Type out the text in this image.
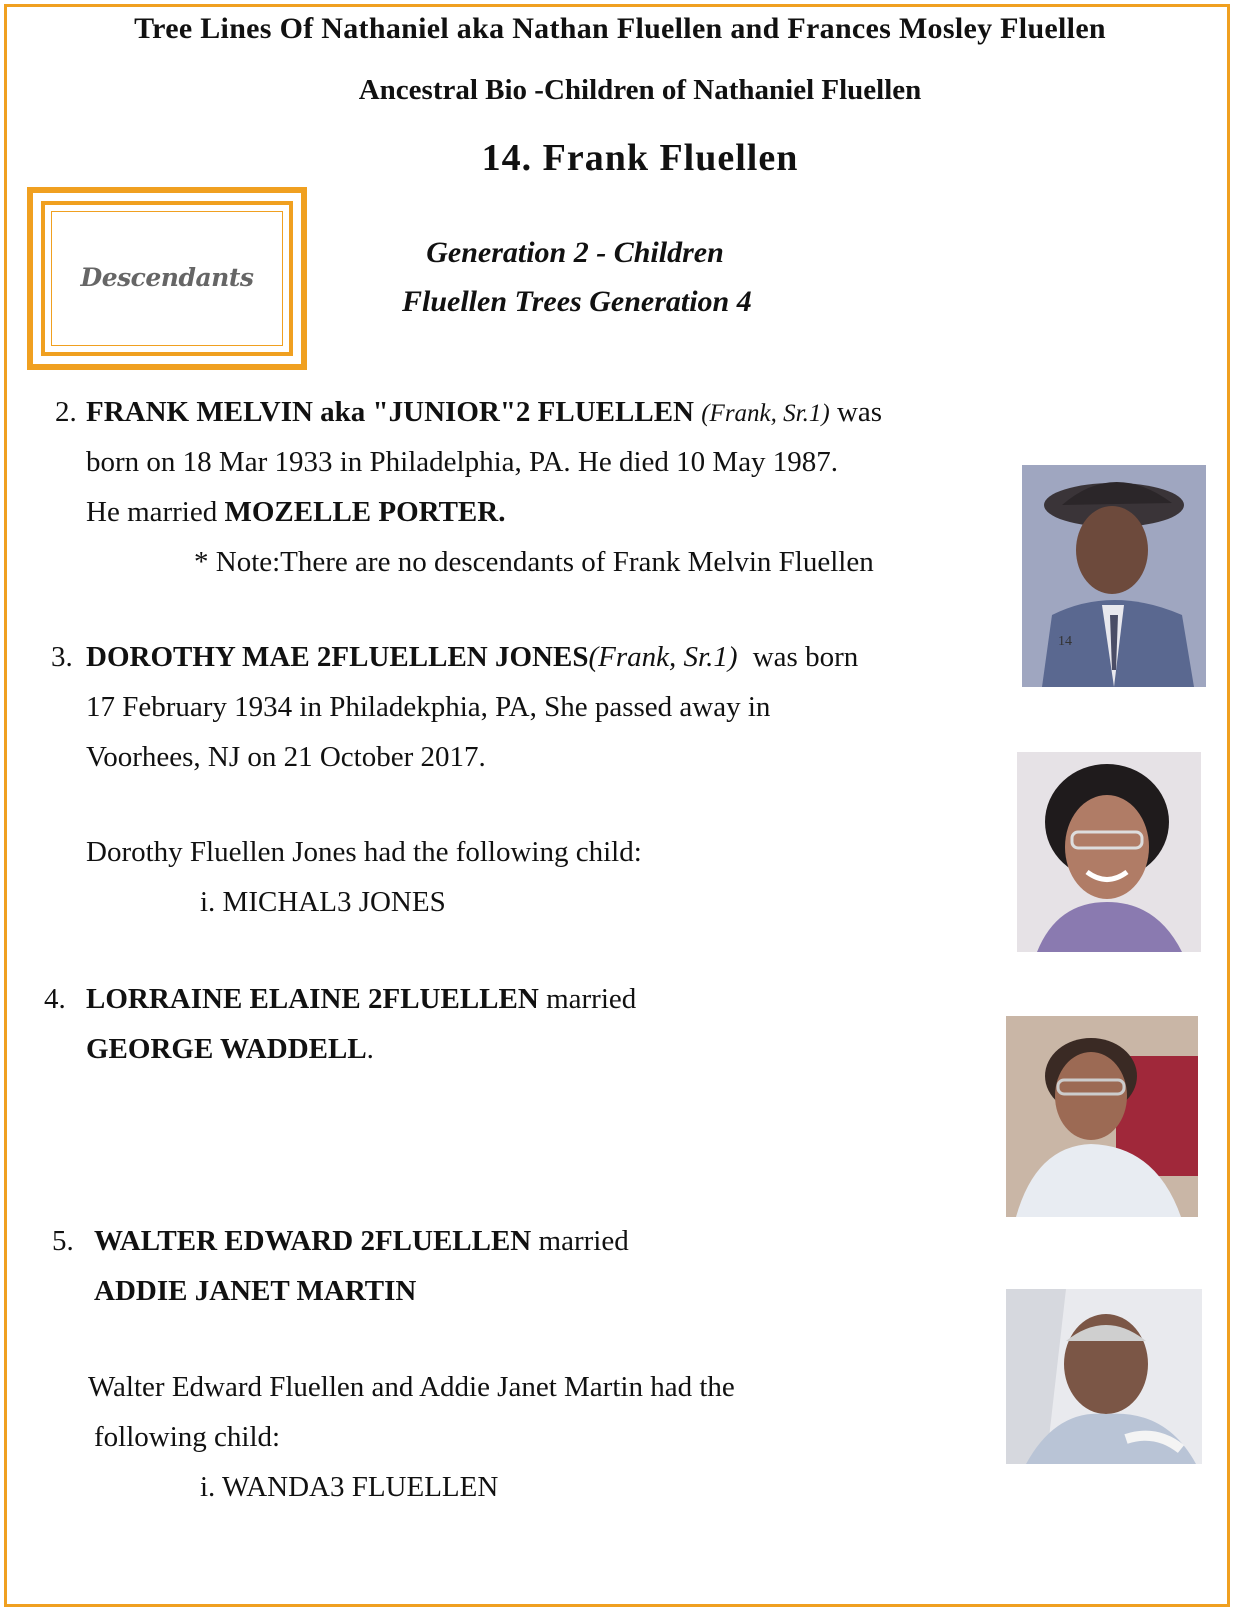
Tree Lines Of Nathaniel aka Nathan Fluellen and Frances Mosley Fluellen
Ancestral Bio -Children of Nathaniel Fluellen
14. Frank Fluellen
Descendants
Generation 2 - Children
Fluellen Trees Generation 4
2. FRANK MELVIN aka "JUNIOR"2 FLUELLEN (Frank, Sr.1) was
born on 18 Mar 1933 in Philadelphia, PA. He died 10 May 1987.
He married MOZELLE PORTER.
* Note:There are no descendants of Frank Melvin Fluellen
3. DOROTHY MAE 2FLUELLEN JONES(Frank, Sr.1) was born
17 February 1934 in Philadekphia, PA, She passed away in
Voorhees, NJ on 21 October 2017.
Dorothy Fluellen Jones had the following child:
i. MICHAL3 JONES
4. LORRAINE ELAINE 2FLUELLEN married
GEORGE WADDELL.
5. WALTER EDWARD 2FLUELLEN married
ADDIE JANET MARTIN
Walter Edward Fluellen and Addie Janet Martin had the
following child:
i. WANDA3 FLUELLEN
14
